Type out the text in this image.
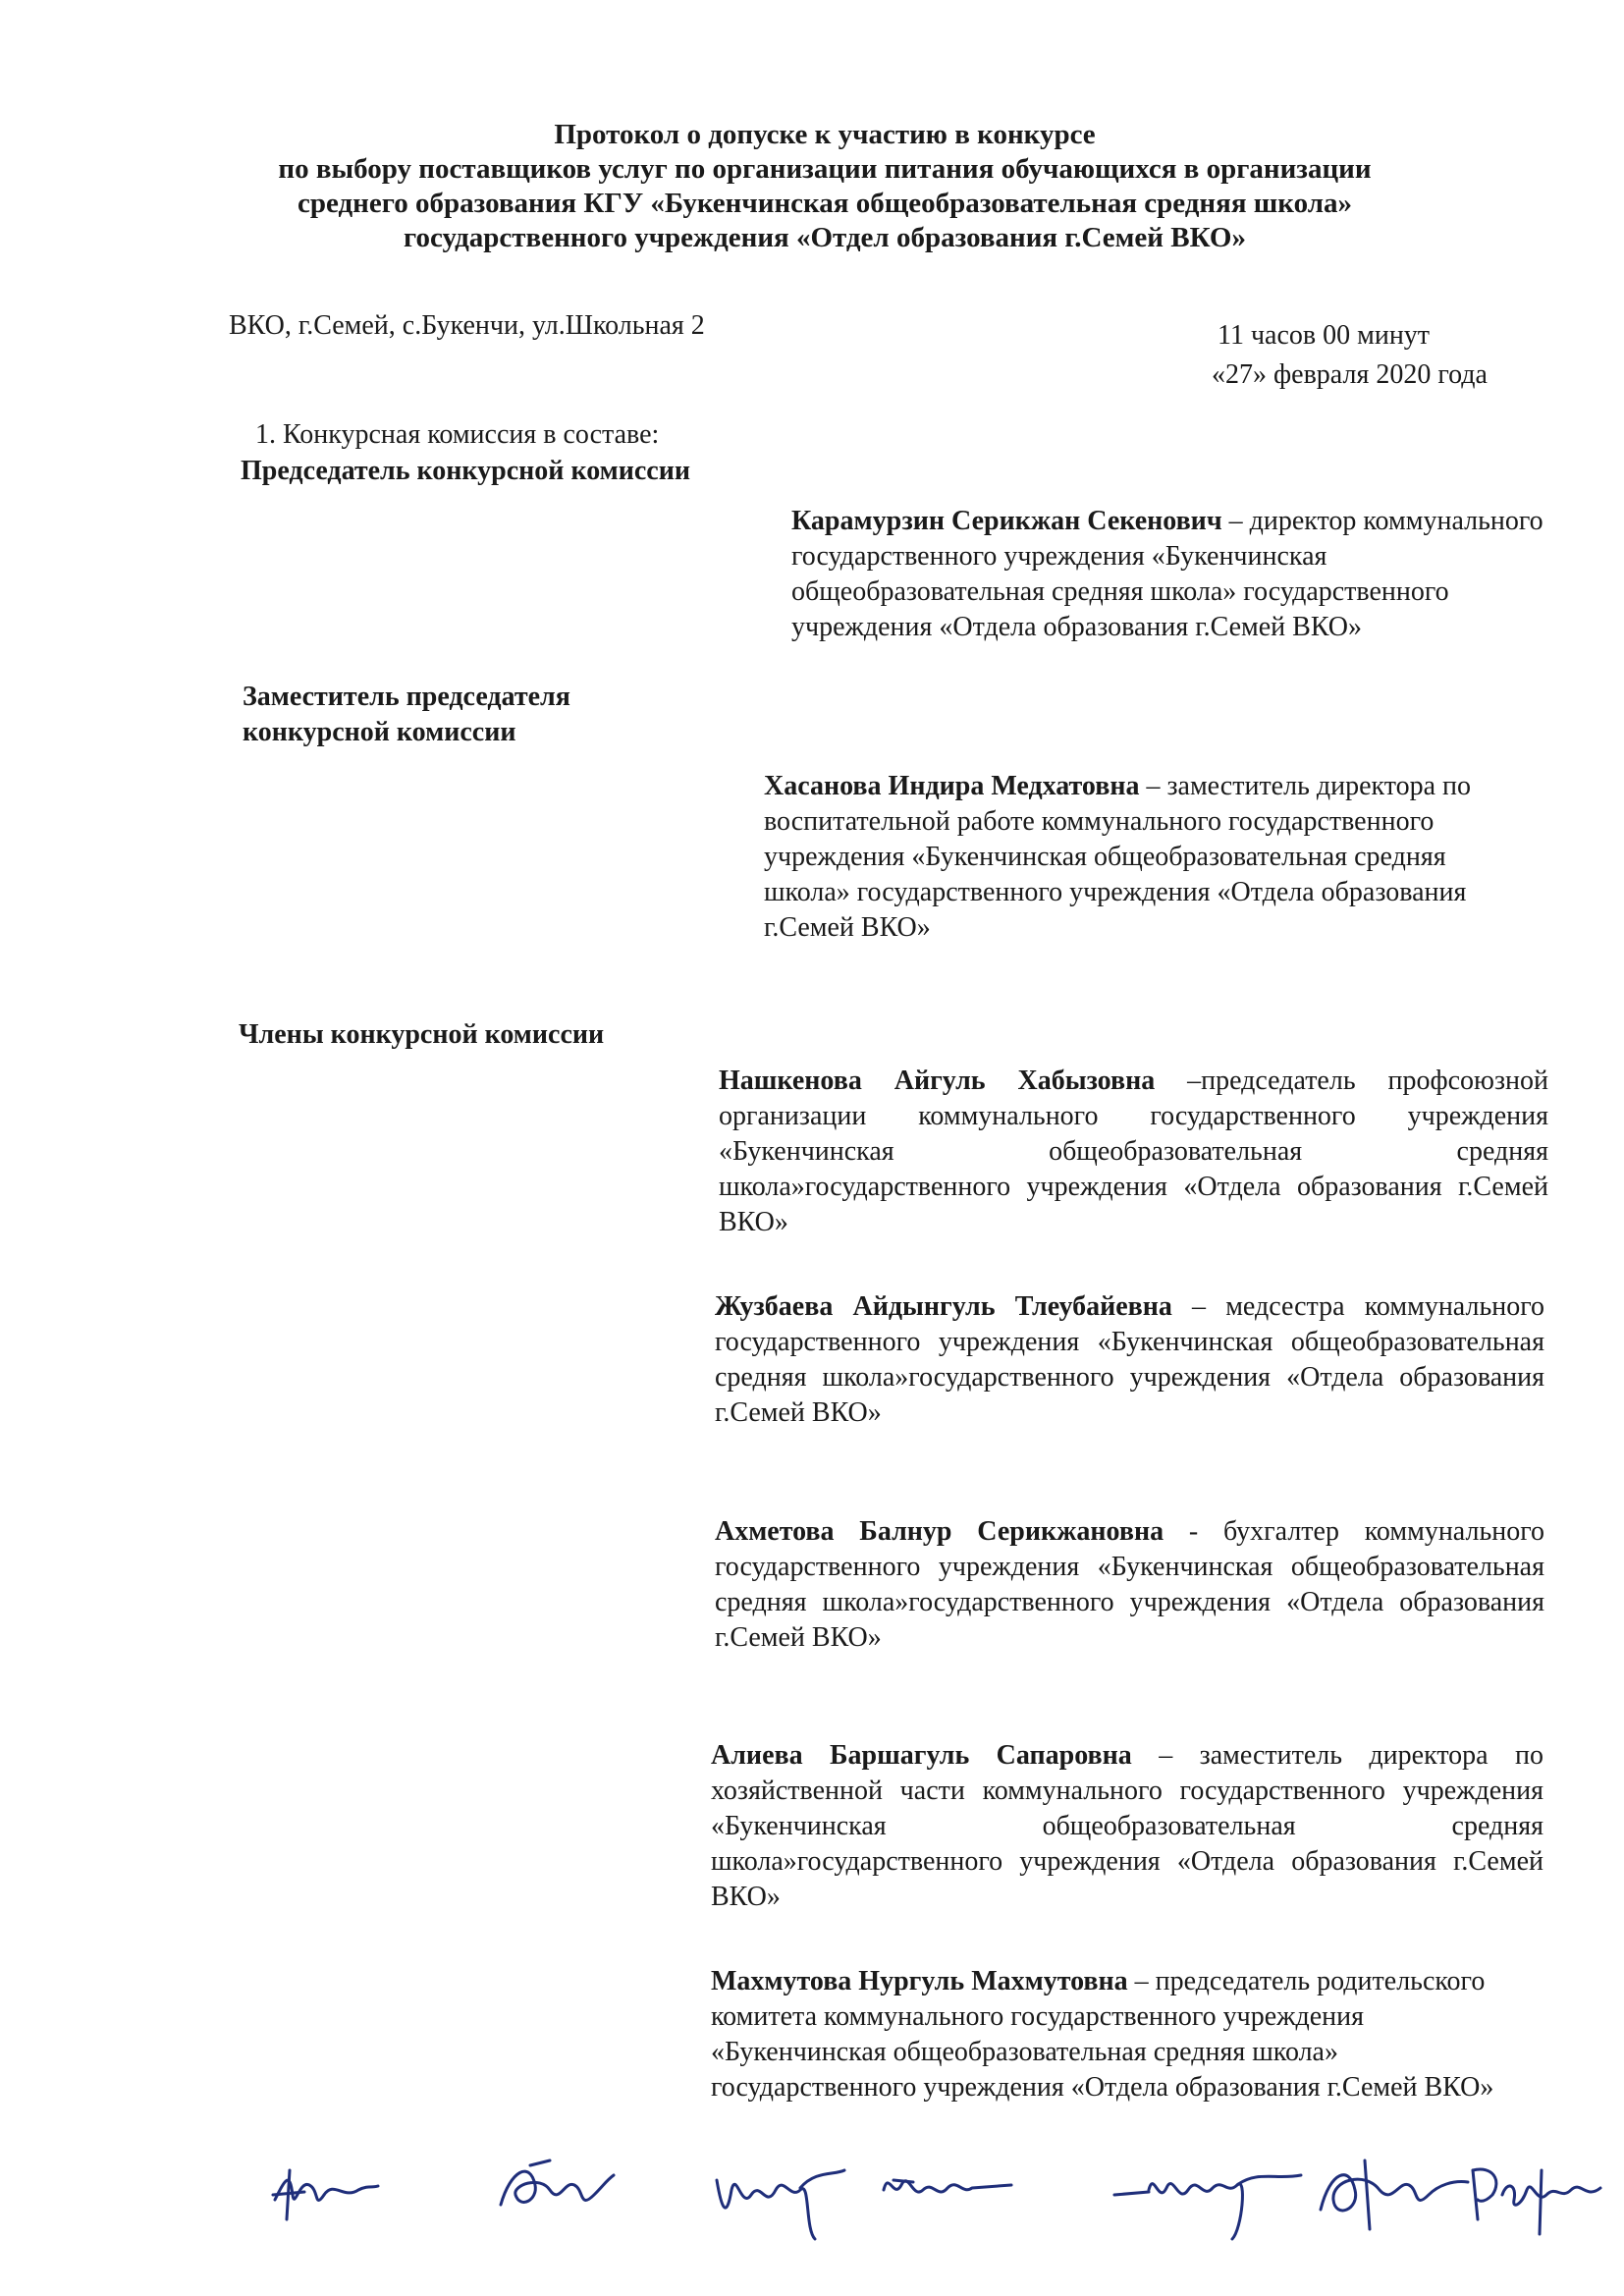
Протокол о допуске к участию в конкурсе
по выбору поставщиков услуг по организации питания обучающихся в организации
среднего образования КГУ «Букенчинская общеобразовательная средняя школа»
государственного учреждения «Отдел образования г.Семей ВКО»
ВКО, г.Семей, с.Букенчи, ул.Школьная 2	11 часов 00 минут
«27» февраля 2020 года
1. Конкурсная комиссия в составе:
Председатель конкурсной комиссии
Карамурзин Серикжан Секенович – директор коммунального государственного учреждения «Букенчинская общеобразовательная средняя школа» государственного учреждения «Отдела образования г.Семей ВКО»
Заместитель председателя
конкурсной комиссии
Хасанова Индира Медхатовна – заместитель директора по воспитательной работе коммунального государственного учреждения «Букенчинская общеобразовательная средняя школа» государственного учреждения «Отдела образования г.Семей ВКО»
Члены конкурсной комиссии
Нашкенова Айгуль Хабызовна –председатель профсоюзной организации коммунального государственного учреждения «Букенчинская общеобразовательная средняя школа»государственного учреждения «Отдела образования г.Семей ВКО»
Жузбаева Айдынгуль Тлеубайевна – медсестра коммунального государственного учреждения «Букенчинская общеобразовательная средняя школа»государственного учреждения «Отдела образования г.Семей ВКО»
Ахметова Балнур Серикжановна - бухгалтер коммунального государственного учреждения «Букенчинская общеобразовательная средняя школа»государственного учреждения «Отдела образования г.Семей ВКО»
Алиева Баршагуль Сапаровна – заместитель директора по хозяйственной части коммунального государственного учреждения «Букенчинская общеобразовательная средняя школа»государственного учреждения «Отдела образования г.Семей ВКО»
Махмутова Нургуль Махмутовна – председатель родительского комитета коммунального государственного учреждения «Букенчинская общеобразовательная средняя школа» государственного учреждения «Отдела образования г.Семей ВКО»
